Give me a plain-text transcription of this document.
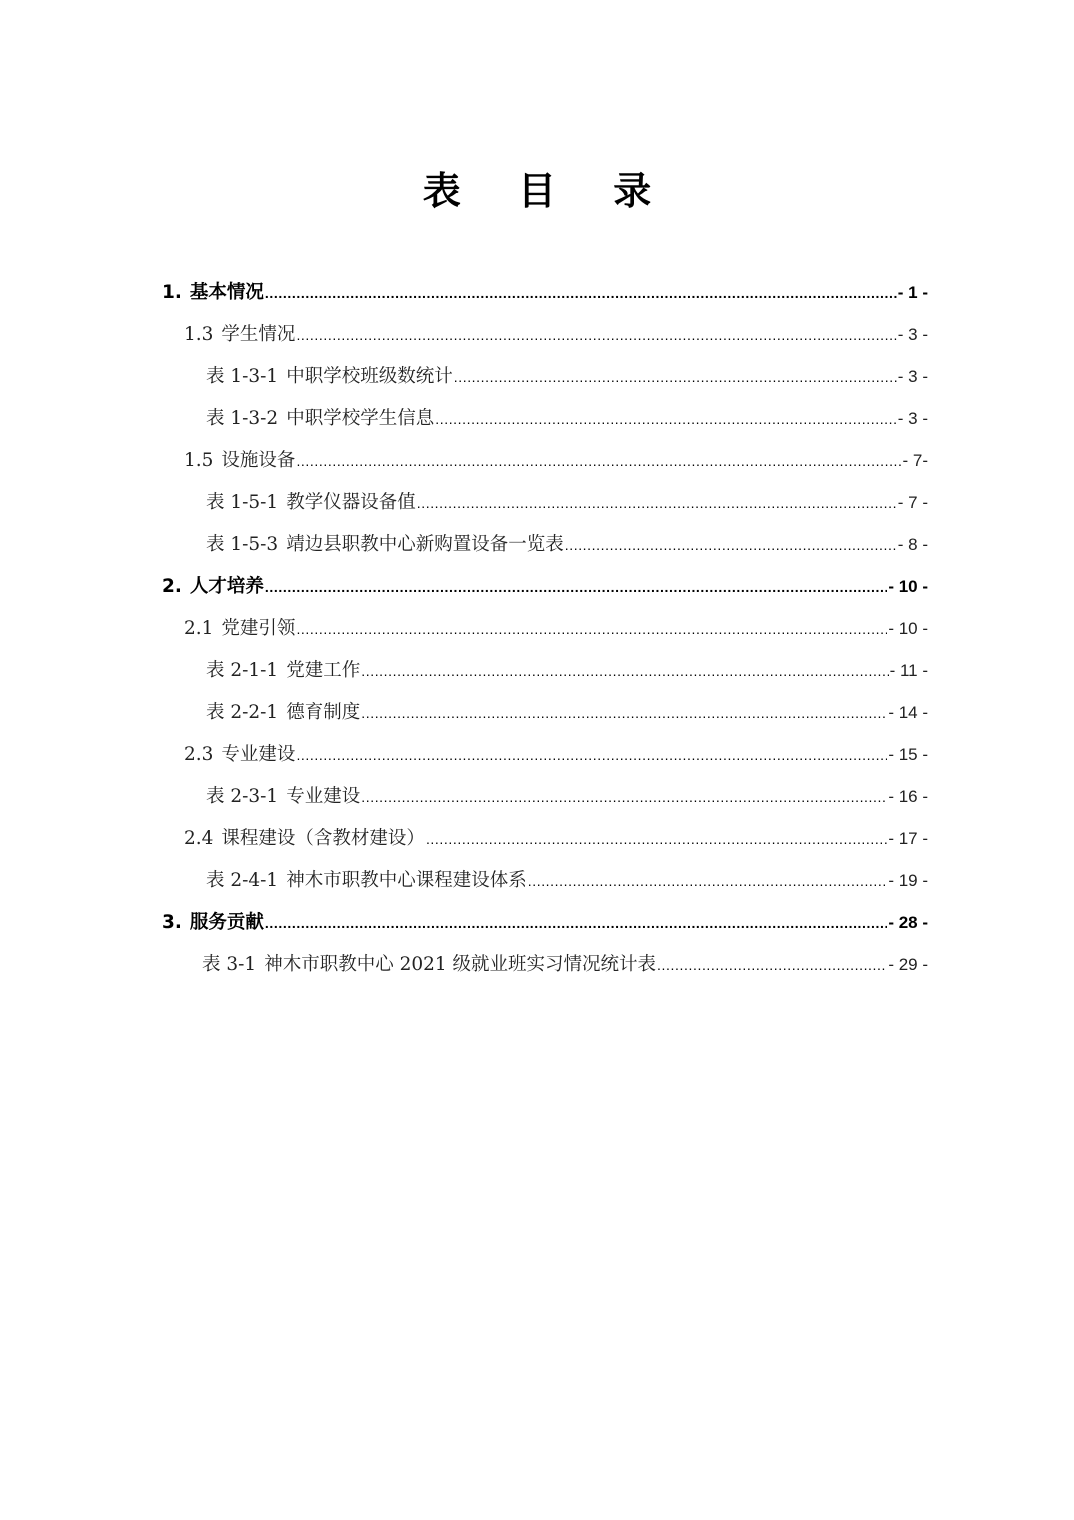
表 目 录
1. 基本情况 .....	- 1 -
1.3 学生情况 .....	- 3 -
表 1-3-1 中职学校班级数统计 .....	- 3 -
表 1-3-2 中职学校学生信息 .....	- 3 -
1.5 设施设备 .....	- 7-
表 1-5-1 教学仪器设备值 .....	- 7 -
表 1-5-3 靖边县职教中心新购置设备一览表 .....	- 8 -
2. 人才培养 .....	- 10 -
2.1 党建引领 .....	- 10 -
表 2-1-1 党建工作 .....	- 11 -
表 2-2-1 德育制度 .....	- 14 -
2.3 专业建设 .....	- 15 -
表 2-3-1 专业建设 .....	- 16 -
2.4 课程建设（含教材建设） .....	- 17 -
表 2-4-1 神木市职教中心课程建设体系 .....	- 19 -
3. 服务贡献 .....	- 28 -
表 3-1 神木市职教中心 2021 级就业班实习情况统计表 .....	- 29 -
